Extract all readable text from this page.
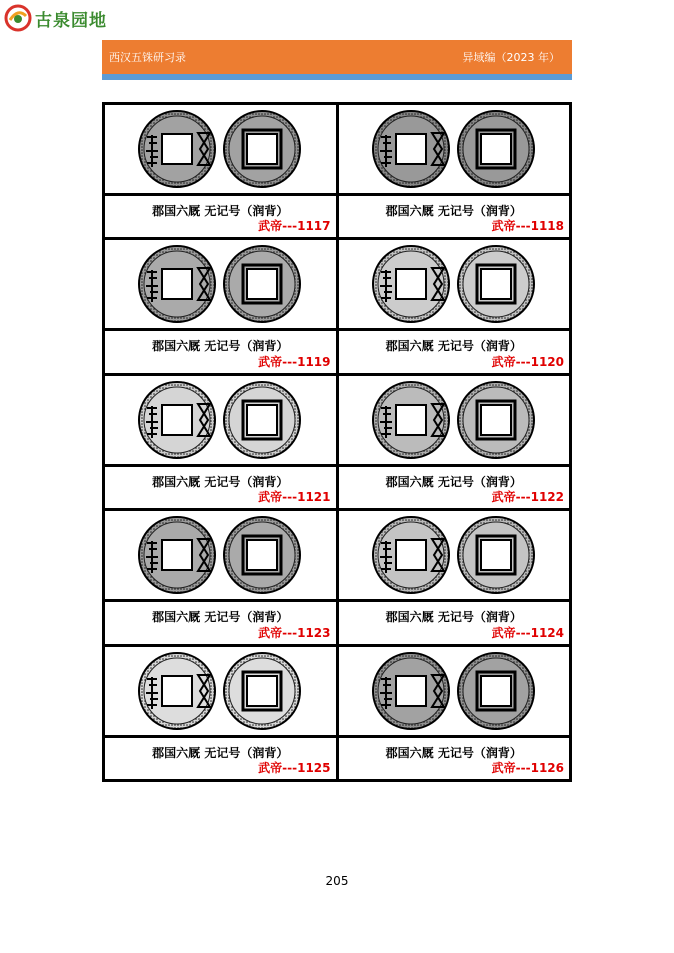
古泉园地
西汉五铢研习录	异域编（2023 年）
郡国六厩 无记号（润背）
武帝---1117
郡国六厩 无记号（润背）
武帝---1118
郡国六厩 无记号（润背）
武帝---1119
郡国六厩 无记号（润背）
武帝---1120
郡国六厩 无记号（润背）
武帝---1121
郡国六厩 无记号（润背）
武帝---1122
郡国六厩 无记号（润背）
武帝---1123
郡国六厩 无记号（润背）
武帝---1124
郡国六厩 无记号（润背）
武帝---1125
郡国六厩 无记号（润背）
武帝---1126
205
